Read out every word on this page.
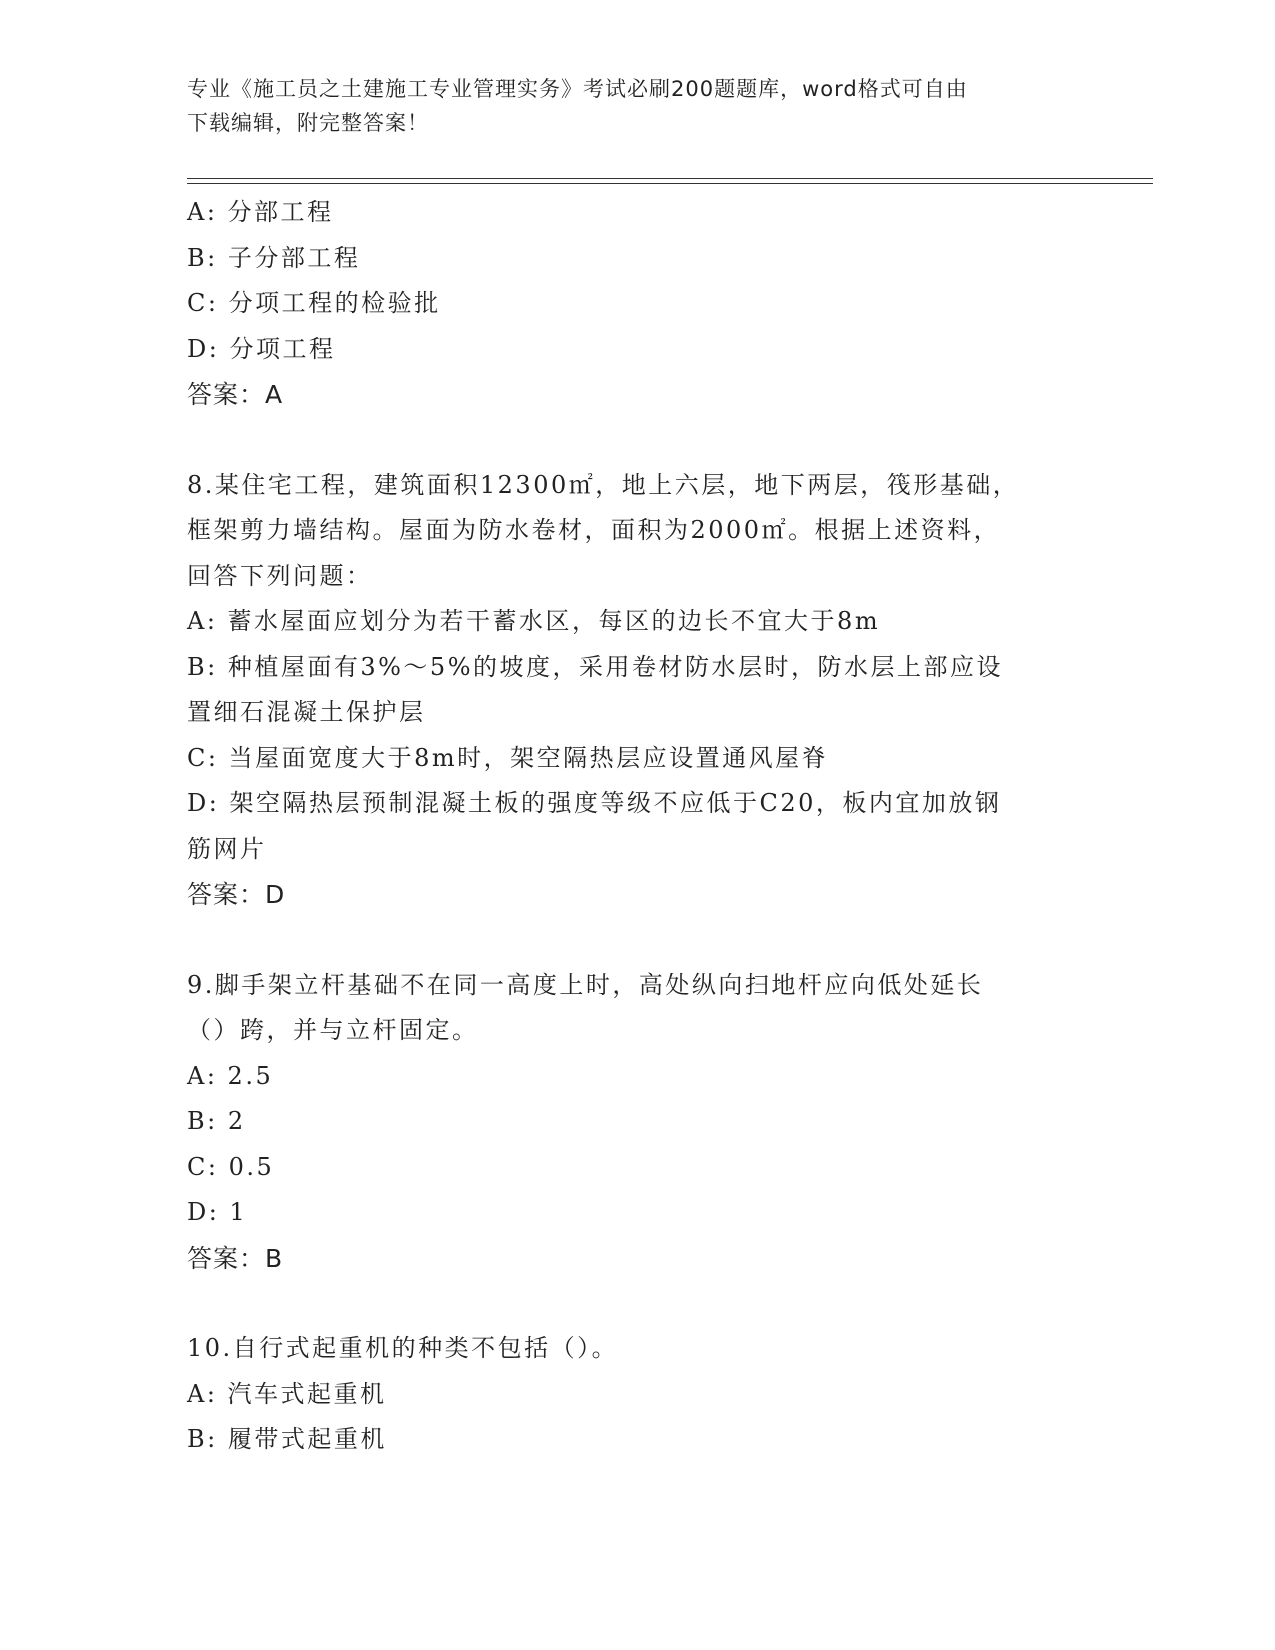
专业《施工员之土建施工专业管理实务》考试必刷200题题库，word格式可自由
下载编辑，附完整答案！
A: 分部工程
B: 子分部工程
C: 分项工程的检验批
D: 分项工程
答案：A
8.某住宅工程，建筑面积12300㎡，地上六层，地下两层，筏形基础，
框架剪力墙结构。屋面为防水卷材，面积为2000㎡。根据上述资料，
回答下列问题：
A: 蓄水屋面应划分为若干蓄水区，每区的边长不宜大于8m
B: 种植屋面有3%～5%的坡度，采用卷材防水层时，防水层上部应设
置细石混凝土保护层
C: 当屋面宽度大于8m时，架空隔热层应设置通风屋脊
D: 架空隔热层预制混凝土板的强度等级不应低于C20，板内宜加放钢
筋网片
答案：D
9.脚手架立杆基础不在同一高度上时，高处纵向扫地杆应向低处延长
（）跨，并与立杆固定。
A: 2.5
B: 2
C: 0.5
D: 1
答案：B
10.自行式起重机的种类不包括（）。
A: 汽车式起重机
B: 履带式起重机
